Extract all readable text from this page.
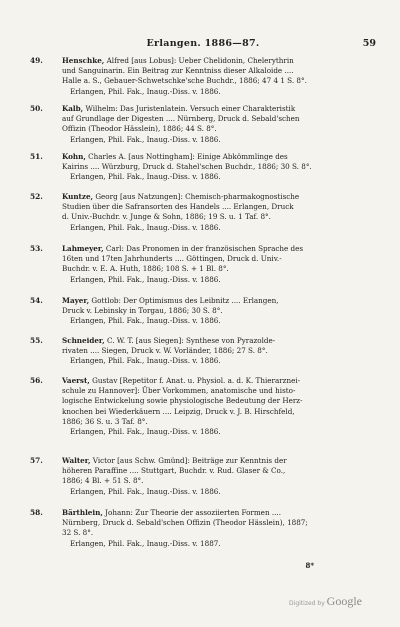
Erlangen. 1886—87.	59
49.	Henschke, Alfred [aus Lobus]: Ueber Chelidonin, Chelerythrin
und Sanguinarin. Ein Beitrag zur Kenntniss dieser Alkaloide ....
Halle a. S., Gebauer-Schwetschke'sche Buchdr., 1886; 47 4 1 S. 8°.
Erlangen, Phil. Fak., Inaug.-Diss. v. 1886.
50.	Kalb, Wilhelm: Das Juristenlatein. Versuch einer Charakteristik
auf Grundlage der Digesten .... Nürnberg, Druck d. Sebald'schen
Offizin (Theodor Hässlein), 1886; 44 S. 8°.
Erlangen, Phil. Fak., Inaug.-Diss. v. 1886.
51.	Kohn, Charles A. [aus Nottingham]: Einige Abkömmlinge des
Kairins .... Würzburg, Druck d. Stahel'schen Buchdr., 1886; 30 S. 8°.
Erlangen, Phil. Fak., Inaug.-Diss. v. 1886.
52.	Kuntze, Georg [aus Natzungen]: Chemisch-pharmakognostische
Studien über die Safransorten des Handels .... Erlangen, Druck
d. Univ.-Buchdr. v. Junge & Sohn, 1886; 19 S. u. 1 Taf. 8°.
Erlangen, Phil. Fak., Inaug.-Diss. v. 1886.
53.	Lahmeyer, Carl: Das Pronomen in der französischen Sprache des
16ten und 17ten Jahrhunderts .... Göttingen, Druck d. Univ.-
Buchdr. v. E. A. Huth, 1886; 108 S. + 1 Bl. 8°.
Erlangen, Phil. Fak., Inaug.-Diss. v. 1886.
54.	Mayer, Gottlob: Der Optimismus des Leibnitz .... Erlangen,
Druck v. Lebinsky in Torgau, 1886; 30 S. 8°.
Erlangen, Phil. Fak., Inaug.-Diss. v. 1886.
55.	Schneider, C. W. T. [aus Siegen]: Synthese von Pyrazolde-
rivaten .... Siegen, Druck v. W. Vorländer, 1886; 27 S. 8°.
Erlangen, Phil. Fak., Inaug.-Diss. v. 1886.
56.	Vaerst, Gustav [Repetitor f. Anat. u. Physiol. a. d. K. Thierarznei-
schule zu Hannover]: Über Vorkommen, anatomische und histo-
logische Entwickelung sowie physiologische Bedeutung der Herz-
knochen bei Wiederkäuern .... Leipzig, Druck v. J. B. Hirschfeld,
1886; 36 S. u. 3 Taf. 8°.
Erlangen, Phil. Fak., Inaug.-Diss. v. 1886.
57.	Walter, Victor [aus Schw. Gmünd]: Beiträge zur Kenntnis der
höheren Paraffine .... Stuttgart, Buchdr. v. Rud. Glaser & Co.,
1886; 4 Bl. + 51 S. 8°.
Erlangen, Phil. Fak., Inaug.-Diss. v. 1886.
58.	Bärthlein, Johann: Zur Theorie der assoziierten Formen ....
Nürnberg, Druck d. Sebald'schen Offizin (Theodor Hässlein), 1887;
32 S. 8°.
Erlangen, Phil. Fak., Inaug.-Diss. v. 1887.
8*
Digitized by Google
